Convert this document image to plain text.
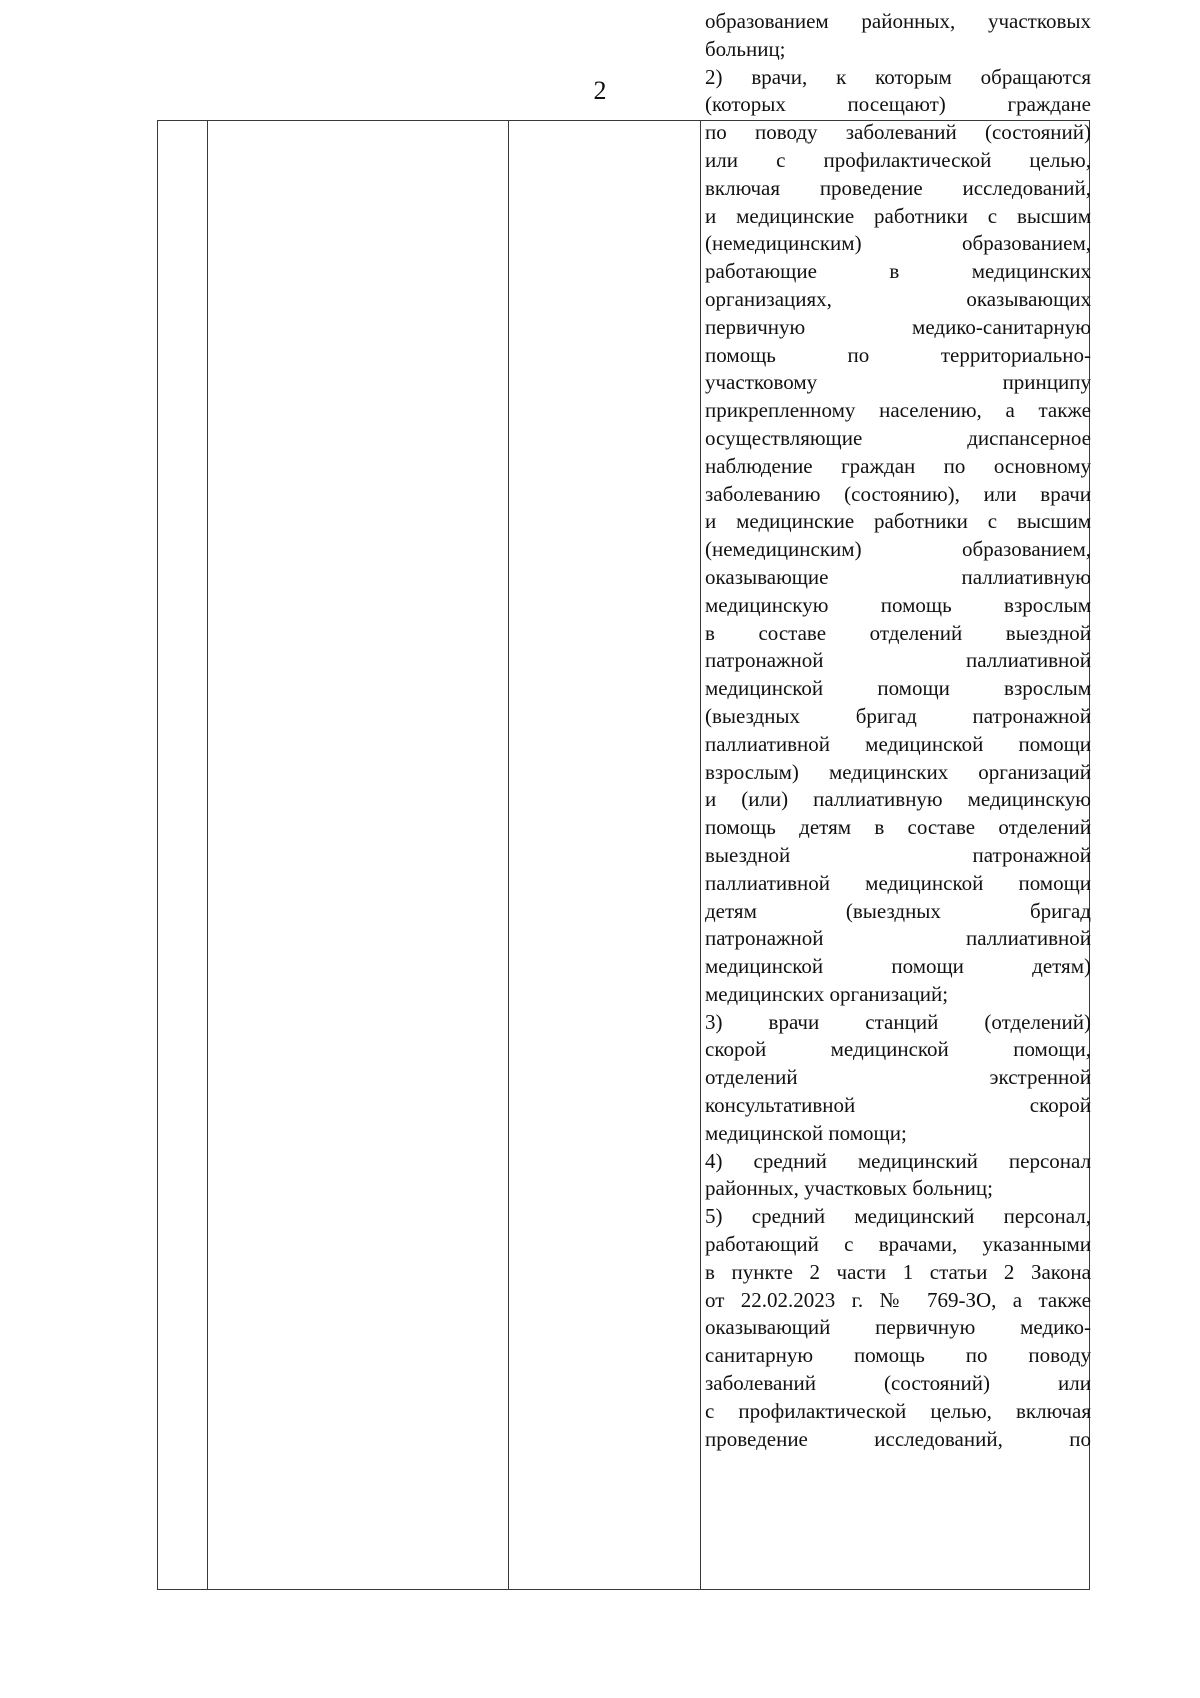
2
образованием районных, участковых
больниц;
2) врачи, к которым обращаются
(которых посещают) граждане
по поводу заболеваний (состояний)
или с профилактической целью,
включая проведение исследований,
и медицинские работники с высшим
(немедицинским) образованием,
работающие в медицинских
организациях, оказывающих
первичную медико-санитарную
помощь по территориально-
участковому принципу
прикрепленному населению, а также
осуществляющие диспансерное
наблюдение граждан по основному
заболеванию (состоянию), или врачи
и медицинские работники с высшим
(немедицинским) образованием,
оказывающие паллиативную
медицинскую помощь взрослым
в составе отделений выездной
патронажной паллиативной
медицинской помощи взрослым
(выездных бригад патронажной
паллиативной медицинской помощи
взрослым) медицинских организаций
и (или) паллиативную медицинскую
помощь детям в составе отделений
выездной патронажной
паллиативной медицинской помощи
детям (выездных бригад
патронажной паллиативной
медицинской помощи детям)
медицинских организаций;
3) врачи станций (отделений)
скорой медицинской помощи,
отделений экстренной
консультативной скорой
медицинской помощи;
4) средний медицинский персонал
районных, участковых больниц;
5) средний медицинский персонал,
работающий с врачами, указанными
в пункте 2 части 1 статьи 2 Закона
от 22.02.2023 г. № 769-ЗО, а также
оказывающий первичную медико-
санитарную помощь по поводу
заболеваний (состояний) или
с профилактической целью, включая
проведение исследований, по
